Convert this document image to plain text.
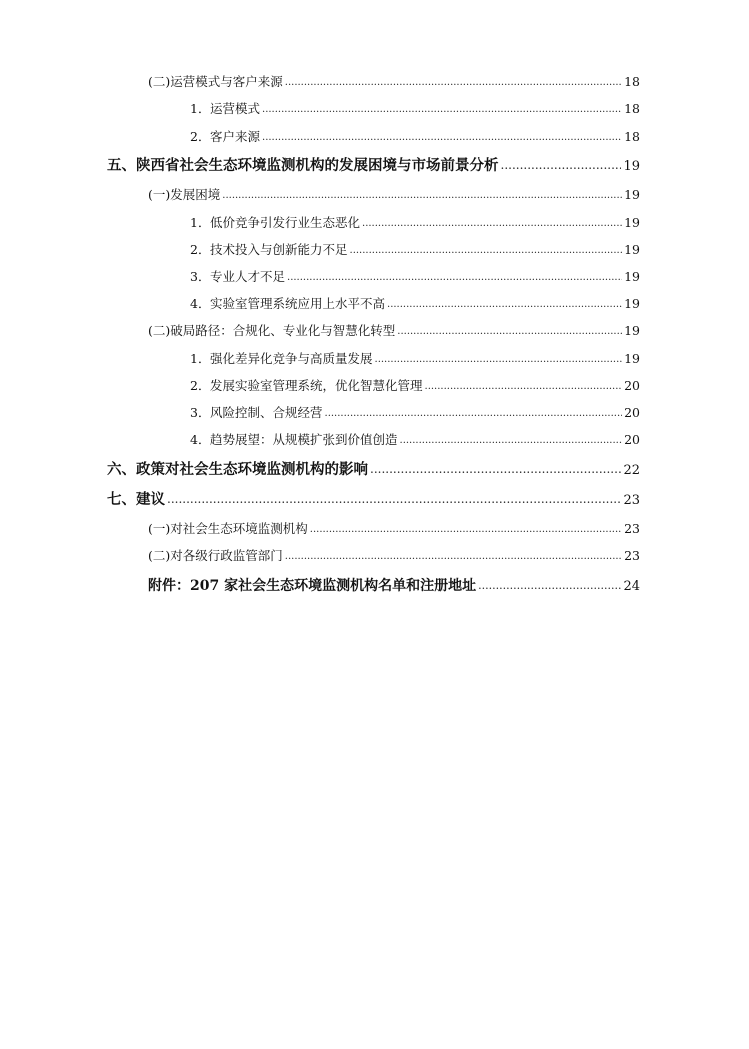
(二) 运营模式与客户来源 .....	18
1． 运营模式 .....	18
2． 客户来源 .....	18
五、 陕西省社会生态环境监测机构的发展困境与市场前景分析 .....	19
(一) 发展困境 .....	19
1． 低价竞争引发行业生态恶化 .....	19
2． 技术投入与创新能力不足 .....	19
3． 专业人才不足 .....	19
4． 实验室管理系统应用上水平不高 .....	19
(二) 破局路径：合规化、专业化与智慧化转型 .....	19
1． 强化差异化竞争与高质量发展 .....	19
2． 发展实验室管理系统，优化智慧化管理 .....	20
3． 风险控制、合规经营 .....	20
4． 趋势展望：从规模扩张到价值创造 .....	20
六、 政策对社会生态环境监测机构的影响 .....	22
七、 建议 .....	23
(一) 对社会生态环境监测机构 .....	23
(二) 对各级行政监管部门 .....	23
附件：207 家社会生态环境监测机构名单和注册地址 .....	24
